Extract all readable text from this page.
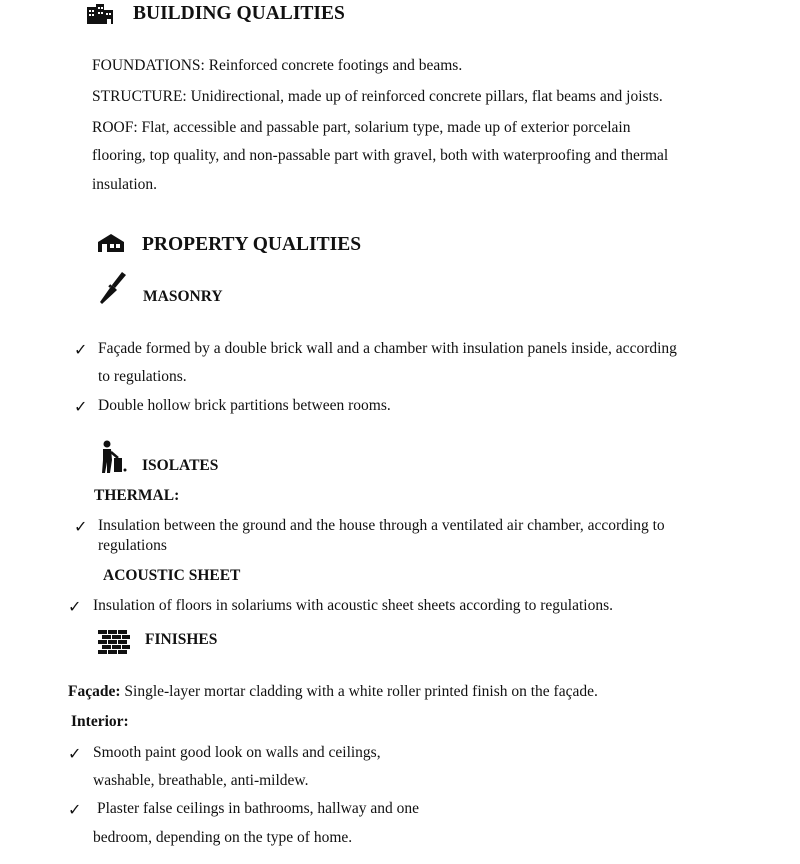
BUILDING QUALITIES
FOUNDATIONS: Reinforced concrete footings and beams.
STRUCTURE: Unidirectional, made up of reinforced concrete pillars, flat beams and joists.
ROOF: Flat, accessible and passable part, solarium type, made up of exterior porcelain
flooring, top quality, and non-passable part with gravel, both with waterproofing and thermal
insulation.
PROPERTY QUALITIES
MASONRY
✓ Façade formed by a double brick wall and a chamber with insulation panels inside, according
to regulations.
✓ Double hollow brick partitions between rooms.
ISOLATES
THERMAL:
✓ Insulation between the ground and the house through a ventilated air chamber, according to
regulations
ACOUSTIC SHEET
✓ Insulation of floors in solariums with acoustic sheet sheets according to regulations.
FINISHES
Façade: Single-layer mortar cladding with a white roller printed finish on the façade.
Interior:
✓ Smooth paint good look on walls and ceilings,
washable, breathable, anti-mildew.
✓ Plaster false ceilings in bathrooms, hallway and one
bedroom, depending on the type of home.
